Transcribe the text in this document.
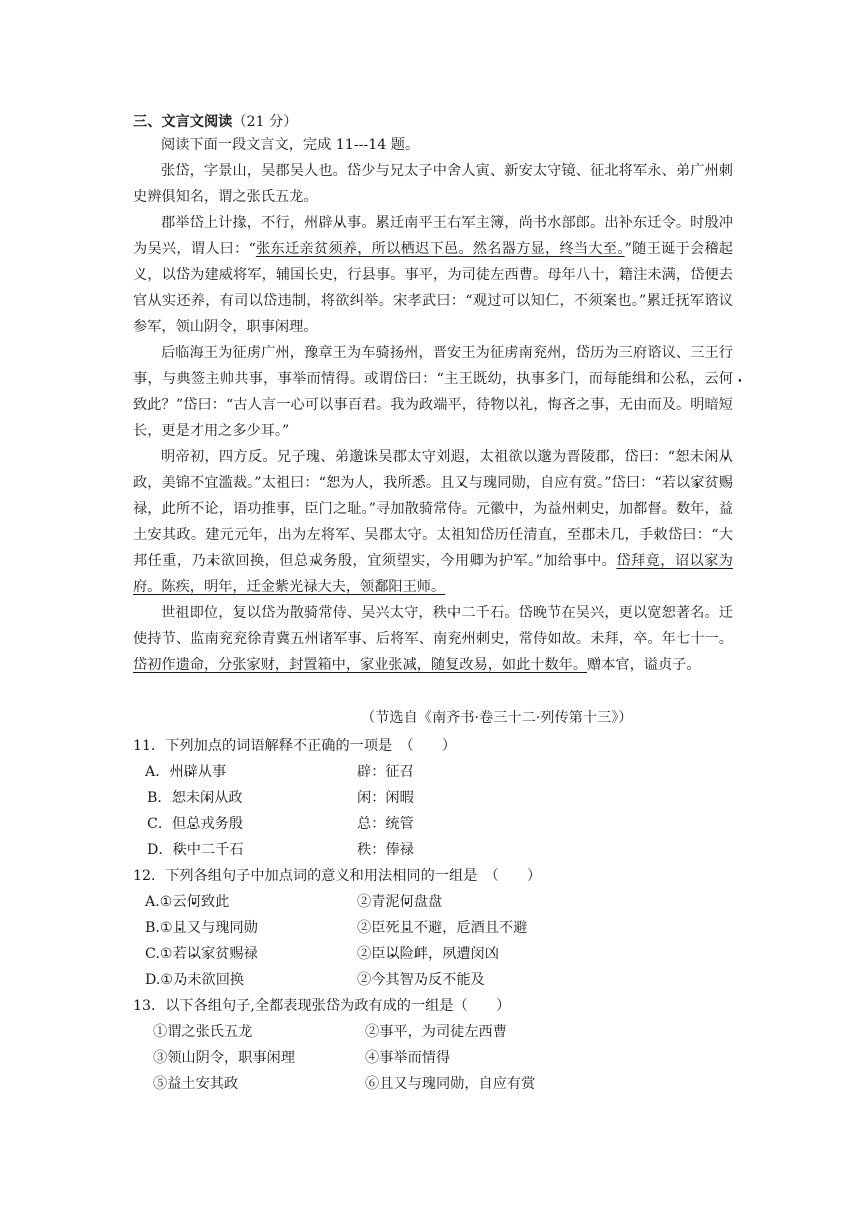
三、文言文阅读（21 分）

阅读下面一段文言文，完成 11---14 题。

张岱，字景山，吴郡吴人也。岱少与兄太子中舍人寅、新安太守镜、征北将军永、弟广州刺史辨俱知名，谓之张氏五龙。

郡举岱上计掾，不行，州辟 •从事。累迁南平王右军主簿，尚书水部郎。出补东迁令。时殷冲为吴兴，谓人曰：“张东迁亲贫须养，所以栖迟下邑。然名器方显，终当大至。”随王诞于会稽起义，以岱为建威将军，辅国长史，行县事。事平，为司徒左西曹。母年八十，籍注未满，岱便去官从实还养，有司以岱违制，将欲纠举。宋孝武曰：“观过可以知仁，不须案也。”累迁抚军谘议参军，领山阴令，职事闲理。

后临海王为征虏广州，豫章王为车骑扬州，晋安王为征虏南兖州，岱历为三府谘议、三王行事，与典签主帅共事，事举而情得。或谓岱曰：“主王既幼，执事多门，而每能缉和公私，云何 •致此？”岱曰：“古人言一心可以事百君。我为政端平，待物以礼，悔吝之事，无由而及。明暗短长，更是才用之多少耳。”

明帝初，四方反。兄子瑰、弟邈诛吴郡太守刘遐，太祖欲以邈为晋陵郡，岱曰：“恕未闲 •从政，美锦不宜滥裁。”太祖曰：“恕为人，我所悉。且 •又与瑰同勋，自应有赏。”岱曰：“若以 •家贫赐禄，此所不论，语功推事，臣门之耻。”寻加散骑常侍。元徽中，为益州刺史，加都督。数年，益土安其政。建元元年，出为左将军、吴郡太守。太祖知岱历任清直，至郡未几，手敕岱曰：“大邦任重，乃 •未欲回换，但总 •戎务殷，宜须望实，今用卿为护军。”加给事中。岱拜竟，诏以家为府。陈疾，明年，迁金紫光禄大夫，领鄱阳王师。

世祖即位，复以岱为散骑常侍、吴兴太守，秩 •中二千石。岱晚节在吴兴，更以宽恕著名。迁使持节、监南兖兖徐青冀五州诸军事、后将军、南兖州刺史，常侍如故。未拜，卒。年七十一。岱初作遗命，分张家财，封置箱中，家业张减，随复改易，如此十数年。赠本官，谥贞子。

（节选自《南齐书·卷三十二·列传第十三》）
11．下列加点的词语解释不正确的一项是　（　　）
A．州辟 •从事	辟：征召
B．恕未闲 •从政	闲：闲暇
C．但总 •戎务殷	总：统管
D．秩 •中二千石	秩：俸禄
12．下列各组句子中加点词的意义和用法相同的一组是　（　　）
A.①云何 •致此	②青泥何 •盘盘
B.①且 •又与瑰同勋	②臣死且 •不避，卮酒且不避
C.①若以 •家贫赐禄	②臣以 •险衅，夙遭闵凶
D.①乃 •未欲回换	②今其智乃 •反不能及
13．以下各组句子,全都表现张岱为政有成的一组是（　　）
①谓之张氏五龙	②事平，为司徒左西曹
③领山阴令，职事闲理	④事举而情得
⑤益土安其政	⑥且又与瑰同勋，自应有赏
